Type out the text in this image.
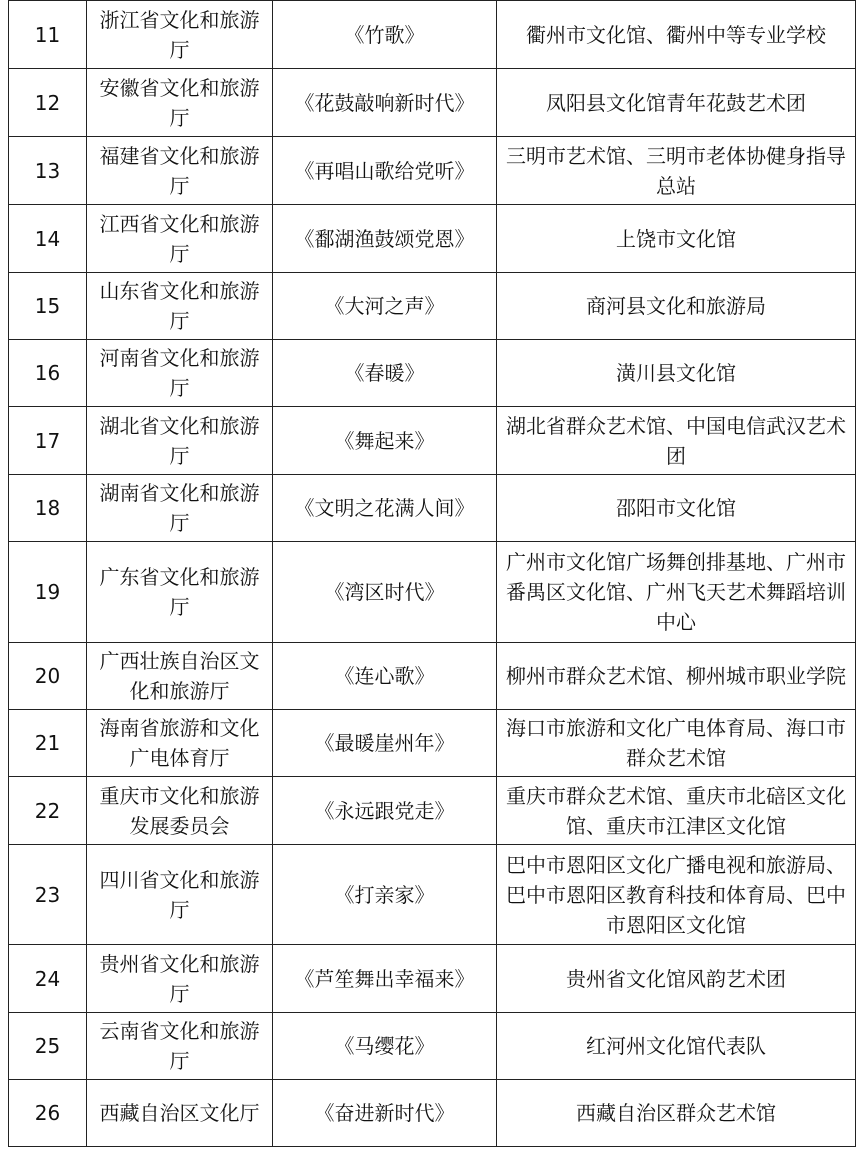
11	浙江省文化和旅游厅	《竹歌》	衢州市文化馆、衢州中等专业学校
12	安徽省文化和旅游厅	《花鼓敲响新时代》	凤阳县文化馆青年花鼓艺术团
13	福建省文化和旅游厅	《再唱山歌给党听》	三明市艺术馆、三明市老体协健身指导总站
14	江西省文化和旅游厅	《鄱湖渔鼓颂党恩》	上饶市文化馆
15	山东省文化和旅游厅	《大河之声》	商河县文化和旅游局
16	河南省文化和旅游厅	《春暖》	潢川县文化馆
17	湖北省文化和旅游厅	《舞起来》	湖北省群众艺术馆、中国电信武汉艺术团
18	湖南省文化和旅游厅	《文明之花满人间》	邵阳市文化馆
19	广东省文化和旅游厅	《湾区时代》	广州市文化馆广场舞创排基地、广州市番禺区文化馆、广州飞天艺术舞蹈培训中心
20	广西壮族自治区文化和旅游厅	《连心歌》	柳州市群众艺术馆、柳州城市职业学院
21	海南省旅游和文化广电体育厅	《最暖崖州年》	海口市旅游和文化广电体育局、海口市群众艺术馆
22	重庆市文化和旅游发展委员会	《永远跟党走》	重庆市群众艺术馆、重庆市北碚区文化馆、重庆市江津区文化馆
23	四川省文化和旅游厅	《打亲家》	巴中市恩阳区文化广播电视和旅游局、巴中市恩阳区教育科技和体育局、巴中市恩阳区文化馆
24	贵州省文化和旅游厅	《芦笙舞出幸福来》	贵州省文化馆风韵艺术团
25	云南省文化和旅游厅	《马缨花》	红河州文化馆代表队
26	西藏自治区文化厅	《奋进新时代》	西藏自治区群众艺术馆
